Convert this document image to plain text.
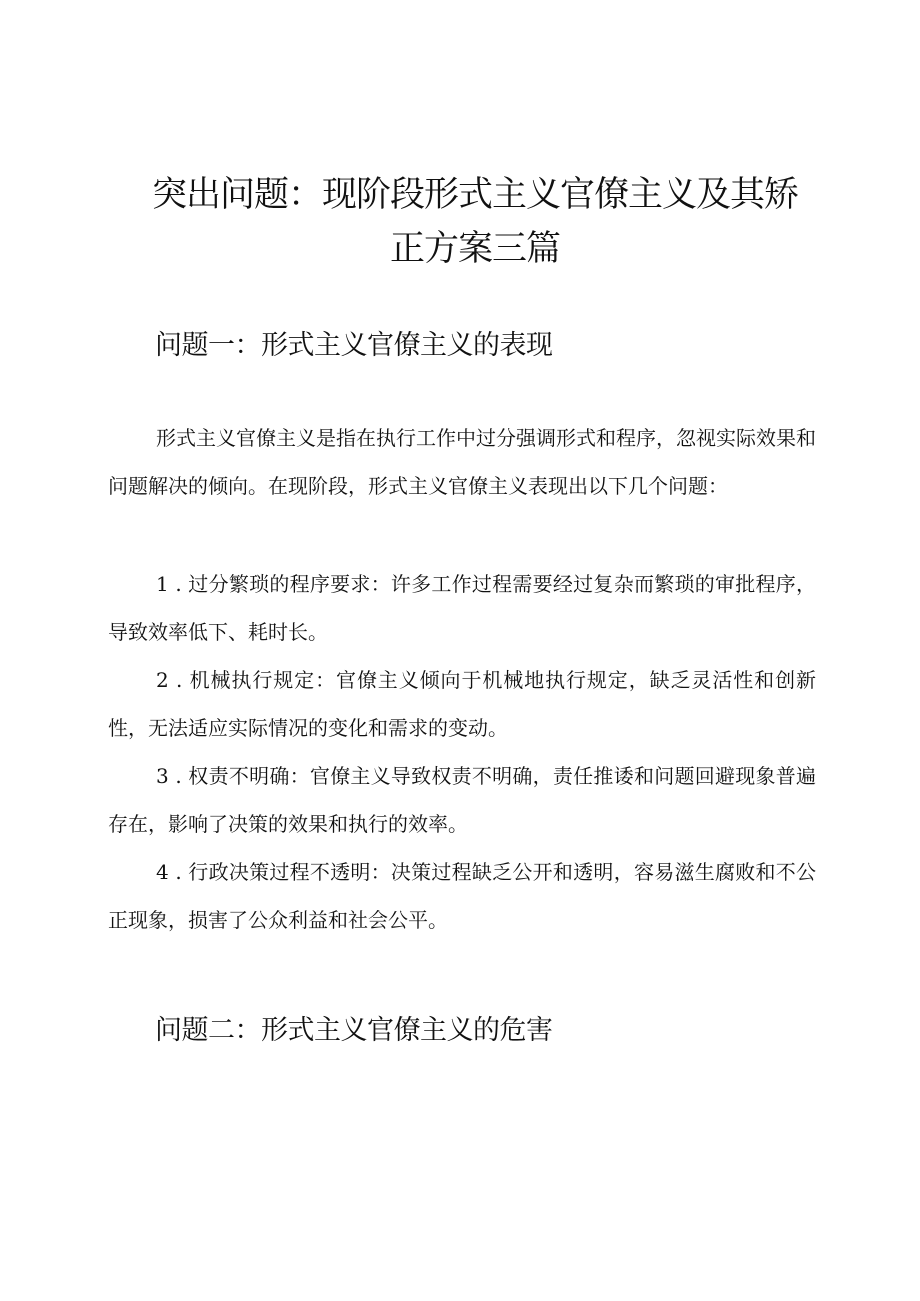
突出问题：现阶段形式主义官僚主义及其矫正方案三篇
问题一：形式主义官僚主义的表现

形式主义官僚主义是指在执行工作中过分强调形式和程序，忽视实际效果和问题解决的倾向。在现阶段，形式主义官僚主义表现出以下几个问题：

1 . 过分繁琐的程序要求：许多工作过程需要经过复杂而繁琐的审批程序，导致效率低下、耗时长。

2 . 机械执行规定：官僚主义倾向于机械地执行规定，缺乏灵活性和创新性，无法适应实际情况的变化和需求的变动。

3 . 权责不明确：官僚主义导致权责不明确，责任推诿和问题回避现象普遍存在，影响了决策的效果和执行的效率。

4 . 行政决策过程不透明：决策过程缺乏公开和透明，容易滋生腐败和不公正现象，损害了公众利益和社会公平。

问题二：形式主义官僚主义的危害
